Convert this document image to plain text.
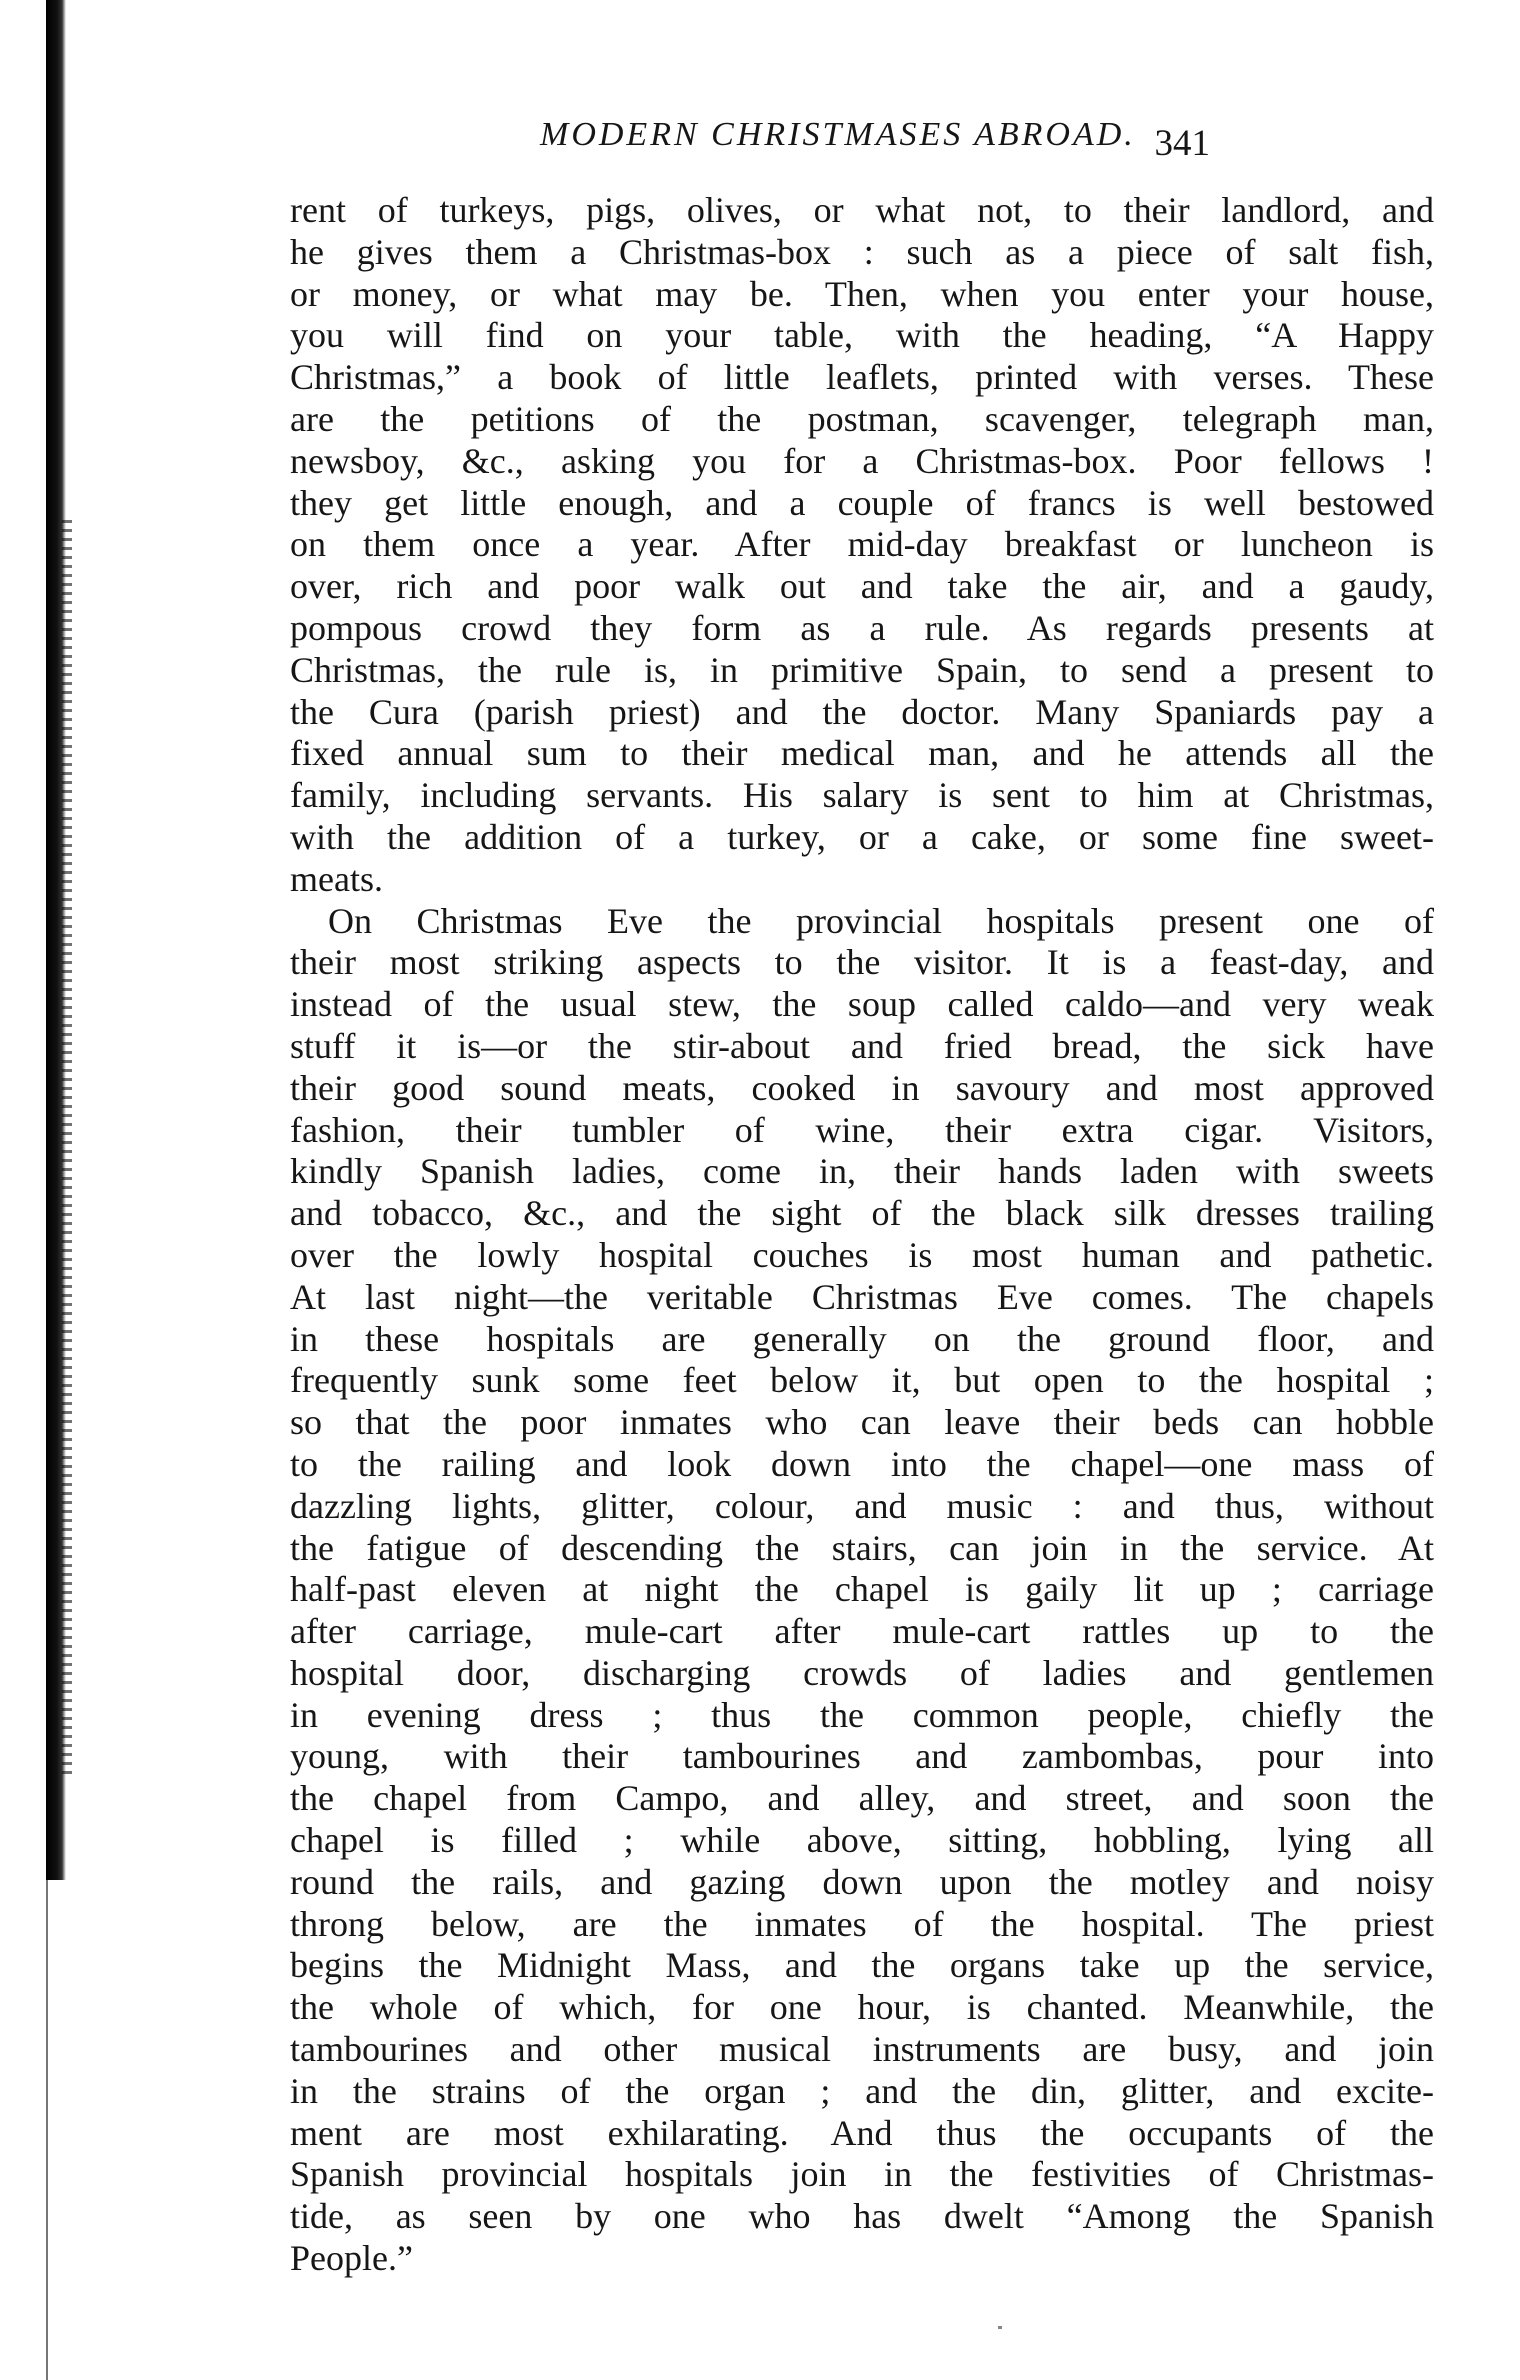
MODERN CHRISTMASES ABROAD. 341
rent of turkeys, pigs, olives, or what not, to their landlord, and
he gives them a Christmas-box : such as a piece of salt fish,
or money, or what may be. Then, when you enter your house,
you will find on your table, with the heading, “A Happy
Christmas,” a book of little leaflets, printed with verses. These
are the petitions of the postman, scavenger, telegraph man,
newsboy, &c., asking you for a Christmas-box. Poor fellows !
they get little enough, and a couple of francs is well bestowed
on them once a year. After mid-day breakfast or luncheon is
over, rich and poor walk out and take the air, and a gaudy,
pompous crowd they form as a rule. As regards presents at
Christmas, the rule is, in primitive Spain, to send a present to
the Cura (parish priest) and the doctor. Many Spaniards pay a
fixed annual sum to their medical man, and he attends all the
family, including servants. His salary is sent to him at Christmas,
with the addition of a turkey, or a cake, or some fine sweet-
meats.
On Christmas Eve the provincial hospitals present one of
their most striking aspects to the visitor. It is a feast-day, and
instead of the usual stew, the soup called caldo—and very weak
stuff it is—or the stir-about and fried bread, the sick have
their good sound meats, cooked in savoury and most approved
fashion, their tumbler of wine, their extra cigar. Visitors,
kindly Spanish ladies, come in, their hands laden with sweets
and tobacco, &c., and the sight of the black silk dresses trailing
over the lowly hospital couches is most human and pathetic.
At last night—the veritable Christmas Eve comes. The chapels
in these hospitals are generally on the ground floor, and
frequently sunk some feet below it, but open to the hospital ;
so that the poor inmates who can leave their beds can hobble
to the railing and look down into the chapel—one mass of
dazzling lights, glitter, colour, and music : and thus, without
the fatigue of descending the stairs, can join in the service. At
half-past eleven at night the chapel is gaily lit up ; carriage
after carriage, mule-cart after mule-cart rattles up to the
hospital door, discharging crowds of ladies and gentlemen
in evening dress ; thus the common people, chiefly the
young, with their tambourines and zambombas, pour into
the chapel from Campo, and alley, and street, and soon the
chapel is filled ; while above, sitting, hobbling, lying all
round the rails, and gazing down upon the motley and noisy
throng below, are the inmates of the hospital. The priest
begins the Midnight Mass, and the organs take up the service,
the whole of which, for one hour, is chanted. Meanwhile, the
tambourines and other musical instruments are busy, and join
in the strains of the organ ; and the din, glitter, and excite-
ment are most exhilarating. And thus the occupants of the
Spanish provincial hospitals join in the festivities of Christmas-
tide, as seen by one who has dwelt “Among the Spanish
People.”
